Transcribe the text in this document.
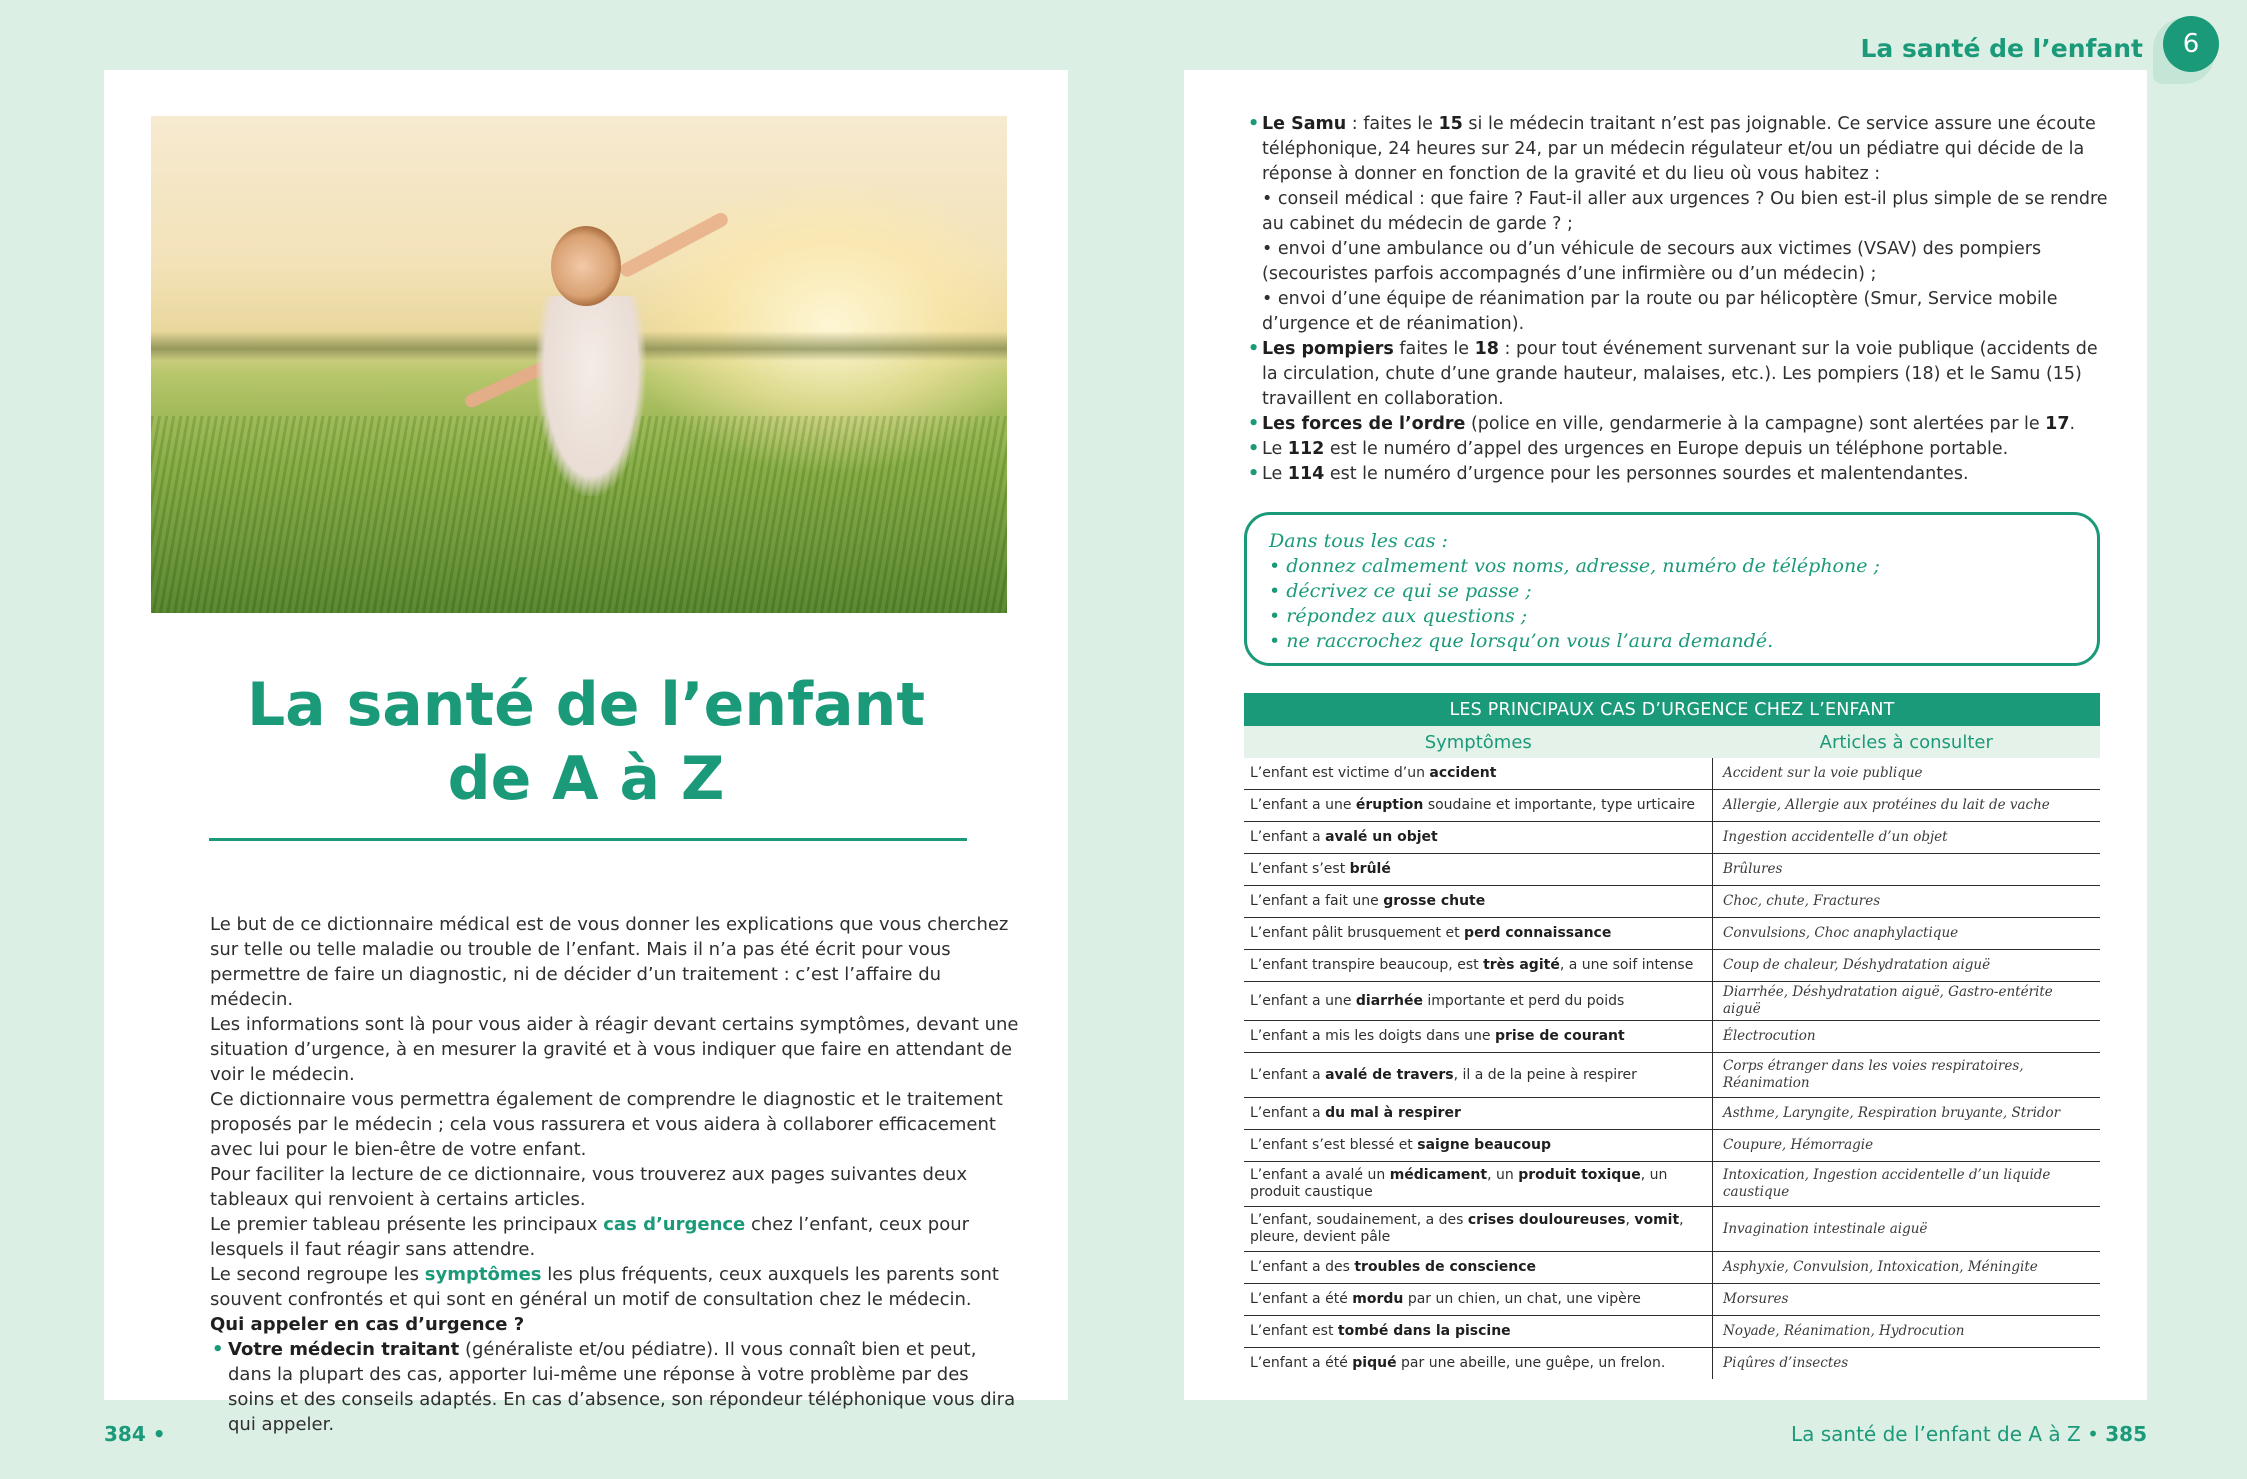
La santé de l’enfant	6
La santé de l’enfant
de A à Z

Le but de ce dictionnaire médical est de vous donner les explications que vous cherchez sur telle ou telle maladie ou trouble de l’enfant. Mais il n’a pas été écrit pour vous permettre de faire un diagnostic, ni de décider d’un traitement : c’est l’affaire du médecin.

Les informations sont là pour vous aider à réagir devant certains symptômes, devant une situation d’urgence, à en mesurer la gravité et à vous indiquer que faire en attendant de voir le médecin.

Ce dictionnaire vous permettra également de comprendre le diagnostic et le traitement proposés par le médecin ; cela vous rassurera et vous aidera à collaborer efficacement avec lui pour le bien-être de votre enfant.

Pour faciliter la lecture de ce dictionnaire, vous trouverez aux pages suivantes deux tableaux qui renvoient à certains articles.

Le premier tableau présente les principaux cas d’urgence chez l’enfant, ceux pour lesquels il faut réagir sans attendre.

Le second regroupe les symptômes les plus fréquents, ceux auxquels les parents sont souvent confrontés et qui sont en général un motif de consultation chez le médecin.

Qui appeler en cas d’urgence ?

• Votre médecin traitant (généraliste et/ou pédiatre). Il vous connaît bien et peut, dans la plupart des cas, apporter lui-même une réponse à votre problème par des soins et des conseils adaptés. En cas d’absence, son répondeur téléphonique vous dira qui appeler.

• Le Samu : faites le 15 si le médecin traitant n’est pas joignable. Ce service assure une écoute téléphonique, 24 heures sur 24, par un médecin régulateur et/ou un pédiatre qui décide de la réponse à donner en fonction de la gravité et du lieu où vous habitez :
• conseil médical : que faire ? Faut-il aller aux urgences ? Ou bien est-il plus simple de se rendre au cabinet du médecin de garde ? ;
• envoi d’une ambulance ou d’un véhicule de secours aux victimes (VSAV) des pompiers (secouristes parfois accompagnés d’une infirmière ou d’un médecin) ;
• envoi d’une équipe de réanimation par la route ou par hélicoptère (Smur, Service mobile d’urgence et de réanimation).
• Les pompiers faites le 18 : pour tout événement survenant sur la voie publique (accidents de la circulation, chute d’une grande hauteur, malaises, etc.). Les pompiers (18) et le Samu (15) travaillent en collaboration.
• Les forces de l’ordre (police en ville, gendarmerie à la campagne) sont alertées par le 17.
• Le 112 est le numéro d’appel des urgences en Europe depuis un téléphone portable.
• Le 114 est le numéro d’urgence pour les personnes sourdes et malentendantes.
Dans tous les cas :
• donnez calmement vos noms, adresse, numéro de téléphone ;
• décrivez ce qui se passe ;
• répondez aux questions ;
• ne raccrochez que lorsqu’on vous l’aura demandé.
LES PRINCIPAUX CAS D’URGENCE CHEZ L’ENFANT	
Symptômes	Articles à consulter
L’enfant est victime d’un accident	Accident sur la voie publique
L’enfant a une éruption soudaine et importante, type urticaire	Allergie, Allergie aux protéines du lait de vache
L’enfant a avalé un objet	Ingestion accidentelle d’un objet
L’enfant s’est brûlé	Brûlures
L’enfant a fait une grosse chute	Choc, chute, Fractures
L’enfant pâlit brusquement et perd connaissance	Convulsions, Choc anaphylactique
L’enfant transpire beaucoup, est très agité, a une soif intense	Coup de chaleur, Déshydratation aiguë
L’enfant a une diarrhée importante et perd du poids	Diarrhée, Déshydratation aiguë, Gastro-entérite aiguë
L’enfant a mis les doigts dans une prise de courant	Électrocution
L’enfant a avalé de travers, il a de la peine à respirer	Corps étranger dans les voies respiratoires, Réanimation
L’enfant a du mal à respirer	Asthme, Laryngite, Respiration bruyante, Stridor
L’enfant s’est blessé et saigne beaucoup	Coupure, Hémorragie
L’enfant a avalé un médicament, un produit toxique, un produit caustique	Intoxication, Ingestion accidentelle d’un liquide caustique
L’enfant, soudainement, a des crises douloureuses, vomit, pleure, devient pâle	Invagination intestinale aiguë
L’enfant a des troubles de conscience	Asphyxie, Convulsion, Intoxication, Méningite
L’enfant a été mordu par un chien, un chat, une vipère	Morsures
L’enfant est tombé dans la piscine	Noyade, Réanimation, Hydrocution
L’enfant a été piqué par une abeille, une guêpe, un frelon.	Piqûres d’insectes
384 •	La santé de l’enfant de A à Z • 385
